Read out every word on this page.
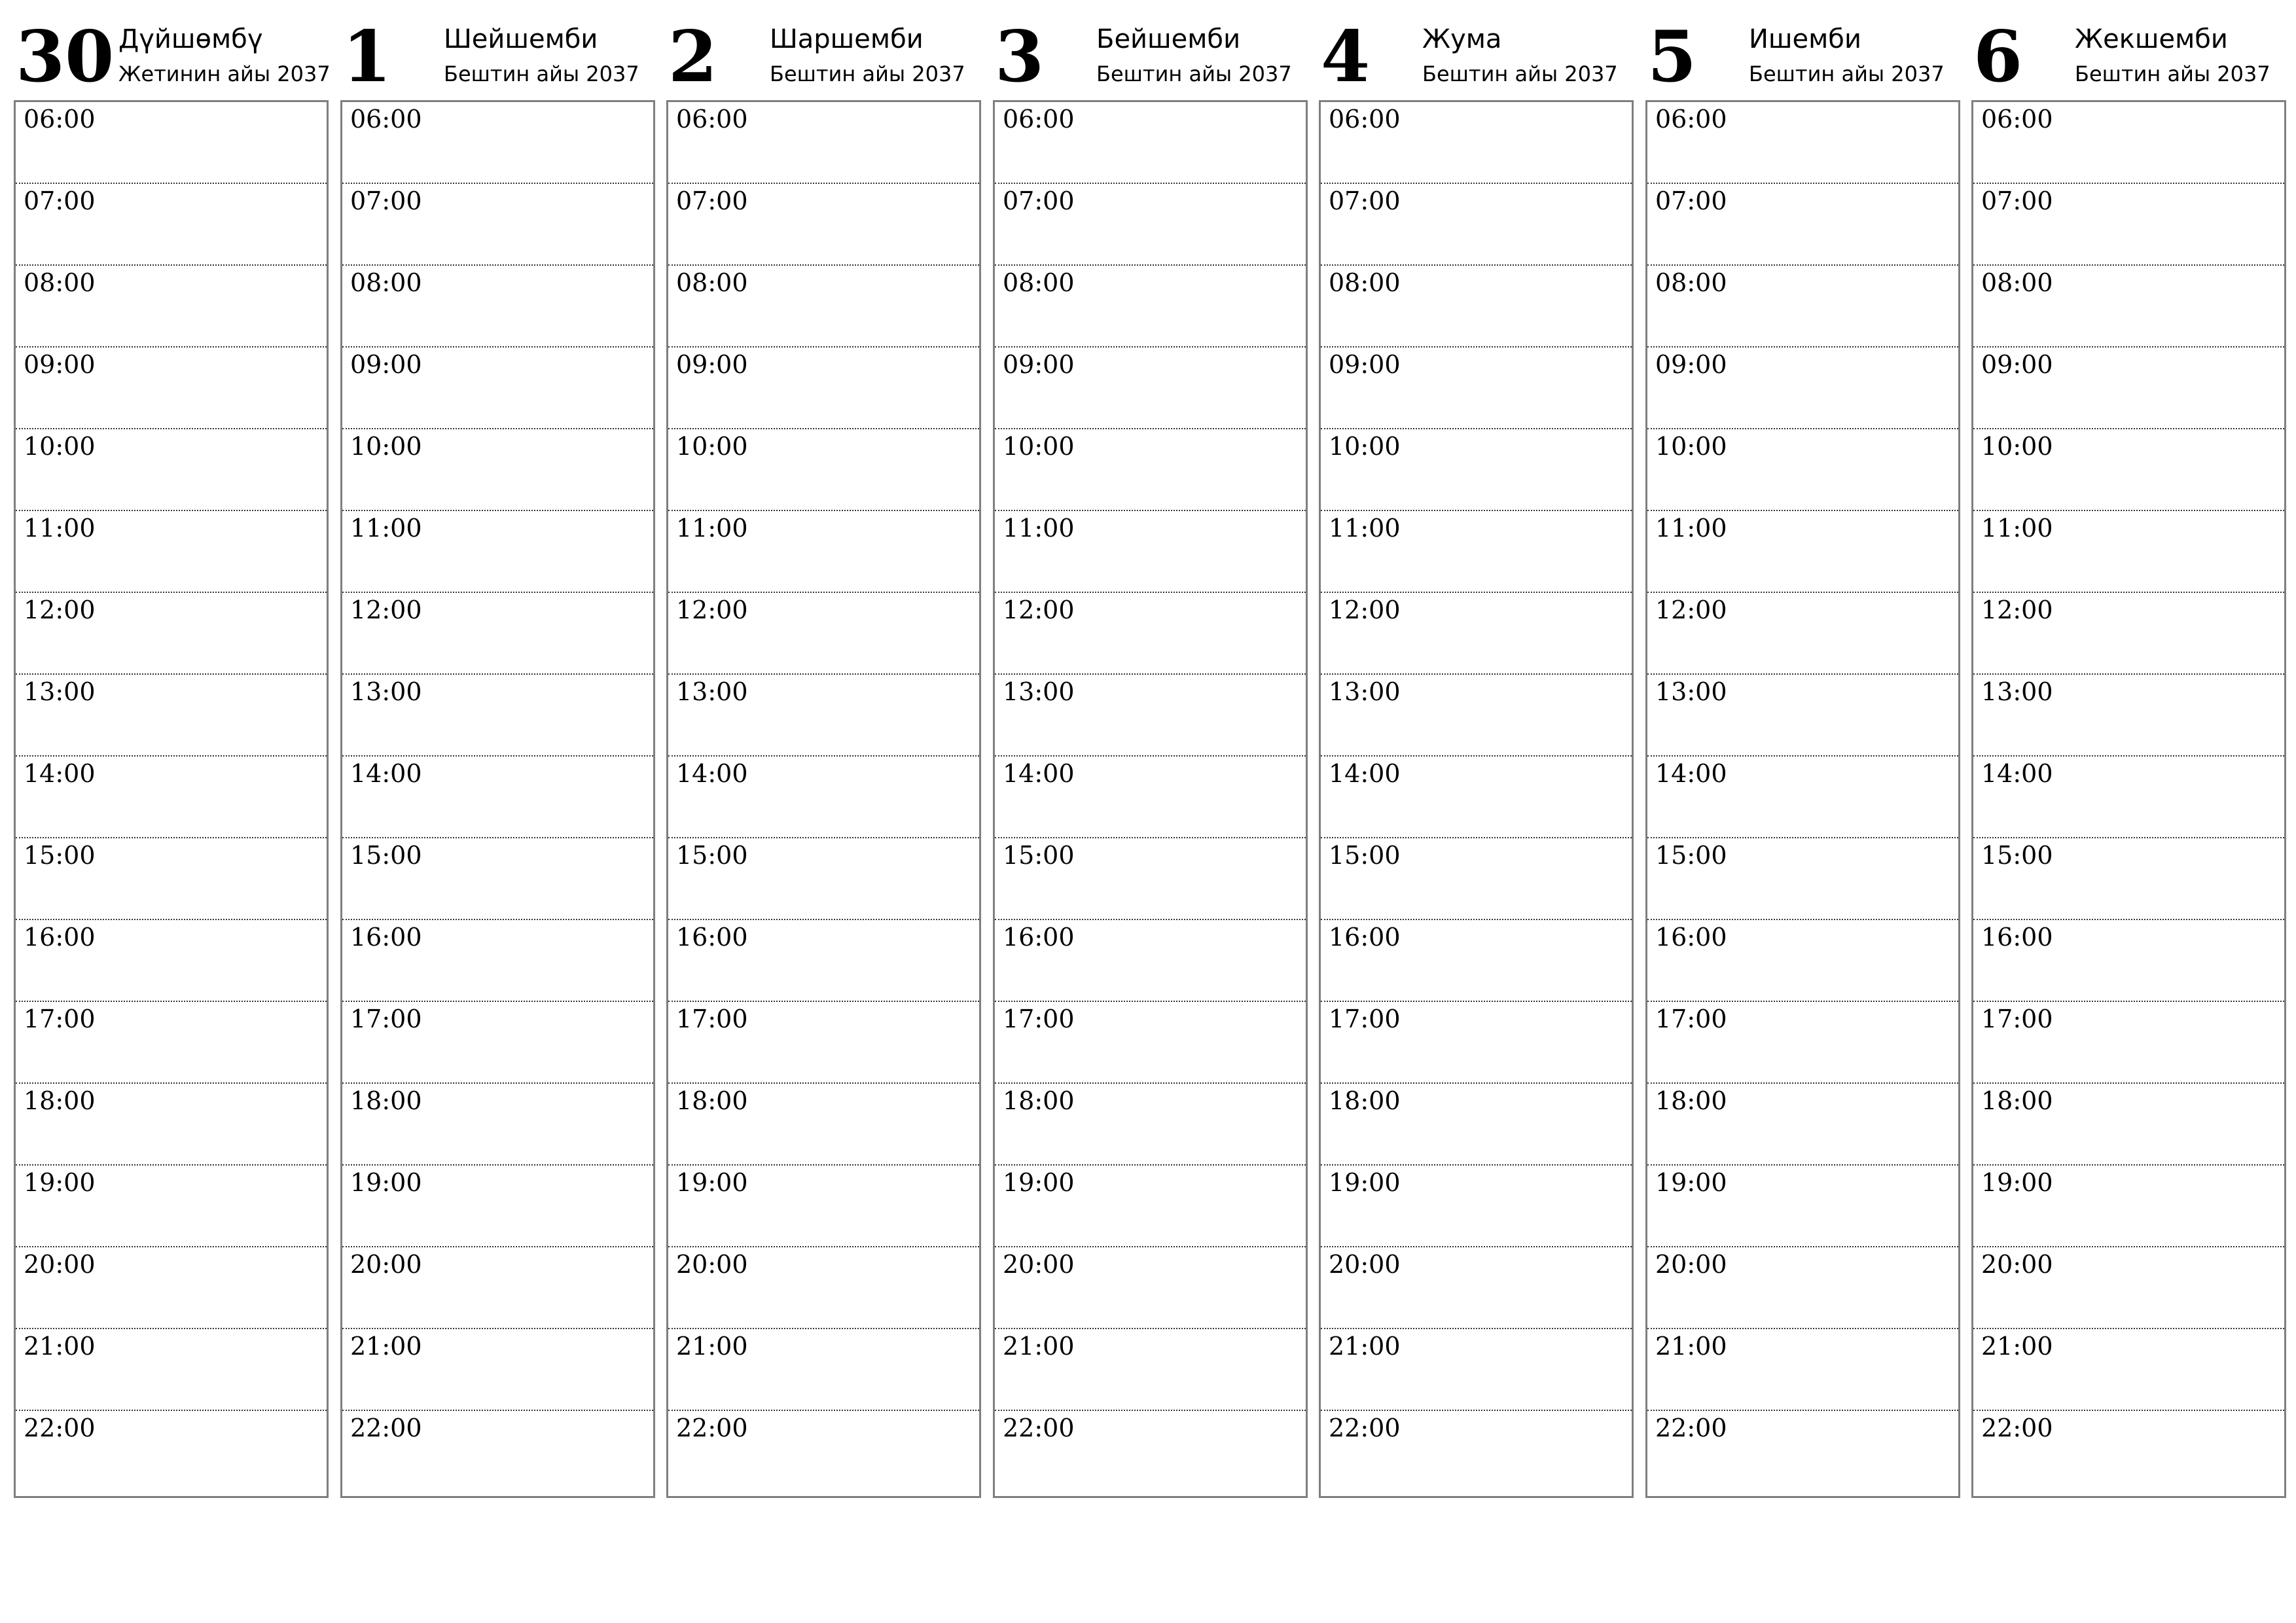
30 Дүйшөмбү
Жетинин айы 2037
06:00
07:00
08:00
09:00
10:00
11:00
12:00
13:00
14:00
15:00
16:00
17:00
18:00
19:00
20:00
21:00
22:00
1 Шейшемби
Бештин айы 2037
06:00
07:00
08:00
09:00
10:00
11:00
12:00
13:00
14:00
15:00
16:00
17:00
18:00
19:00
20:00
21:00
22:00
2 Шаршемби
Бештин айы 2037
06:00
07:00
08:00
09:00
10:00
11:00
12:00
13:00
14:00
15:00
16:00
17:00
18:00
19:00
20:00
21:00
22:00
3 Бейшемби
Бештин айы 2037
06:00
07:00
08:00
09:00
10:00
11:00
12:00
13:00
14:00
15:00
16:00
17:00
18:00
19:00
20:00
21:00
22:00
4 Жума
Бештин айы 2037
06:00
07:00
08:00
09:00
10:00
11:00
12:00
13:00
14:00
15:00
16:00
17:00
18:00
19:00
20:00
21:00
22:00
5 Ишемби
Бештин айы 2037
06:00
07:00
08:00
09:00
10:00
11:00
12:00
13:00
14:00
15:00
16:00
17:00
18:00
19:00
20:00
21:00
22:00
6 Жекшемби
Бештин айы 2037
06:00
07:00
08:00
09:00
10:00
11:00
12:00
13:00
14:00
15:00
16:00
17:00
18:00
19:00
20:00
21:00
22:00
